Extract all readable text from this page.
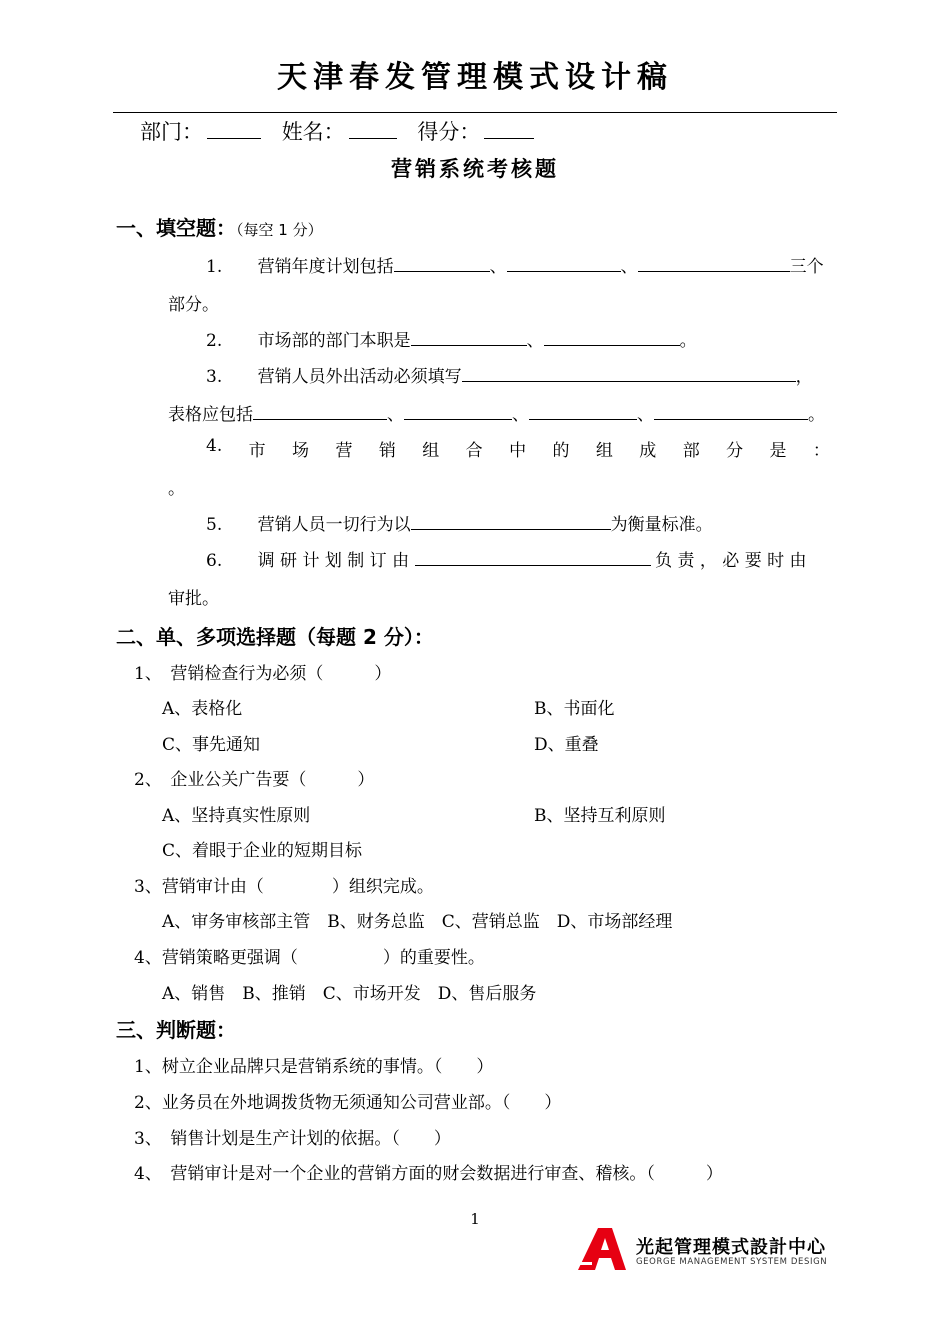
天津春发管理模式设计稿
部门：	姓名：	得分：
营销系统考核题
一、填空题：（每空 1 分）
1. 营销年度计划包括	、	、	三个
部分。
2. 市场部的部门本职是	、	。
3. 营销人员外出活动必须填写	，
表格应包括	、	、	、	。
4. 市 场 营 销 组 合 中 的 组 成 部 分 是 ：
。
5. 营销人员一切行为以	为衡量标准。
6. 调 研 计 划 制 订 由	负 责 ， 必 要 时 由
审批。
二、单、多项选择题（每题 2 分）：
1、　营销检查行为必须（　　　）
A、表格化	B、书面化
C、事先通知	D、重叠
2、　企业公关广告要（　　　）
A、坚持真实性原则	B、坚持互利原则
C、着眼于企业的短期目标
3、营销审计由（　　　　）组织完成。
A、审务审核部主管　B、财务总监　C、营销总监　D、市场部经理
4、营销策略更强调（　　　　　）的重要性。
A、销售　B、推销　C、市场开发　D、售后服务
三、判断题：
1、树立企业品牌只是营销系统的事情。（　　）
2、业务员在外地调拨货物无须通知公司营业部。（　　）
3、　销售计划是生产计划的依据。（　　）
4、　营销审计是对一个企业的营销方面的财会数据进行审查、稽核。（　　　）
1
光起管理模式設計中心
GEORGE MANAGEMENT SYSTEM DESIGN
